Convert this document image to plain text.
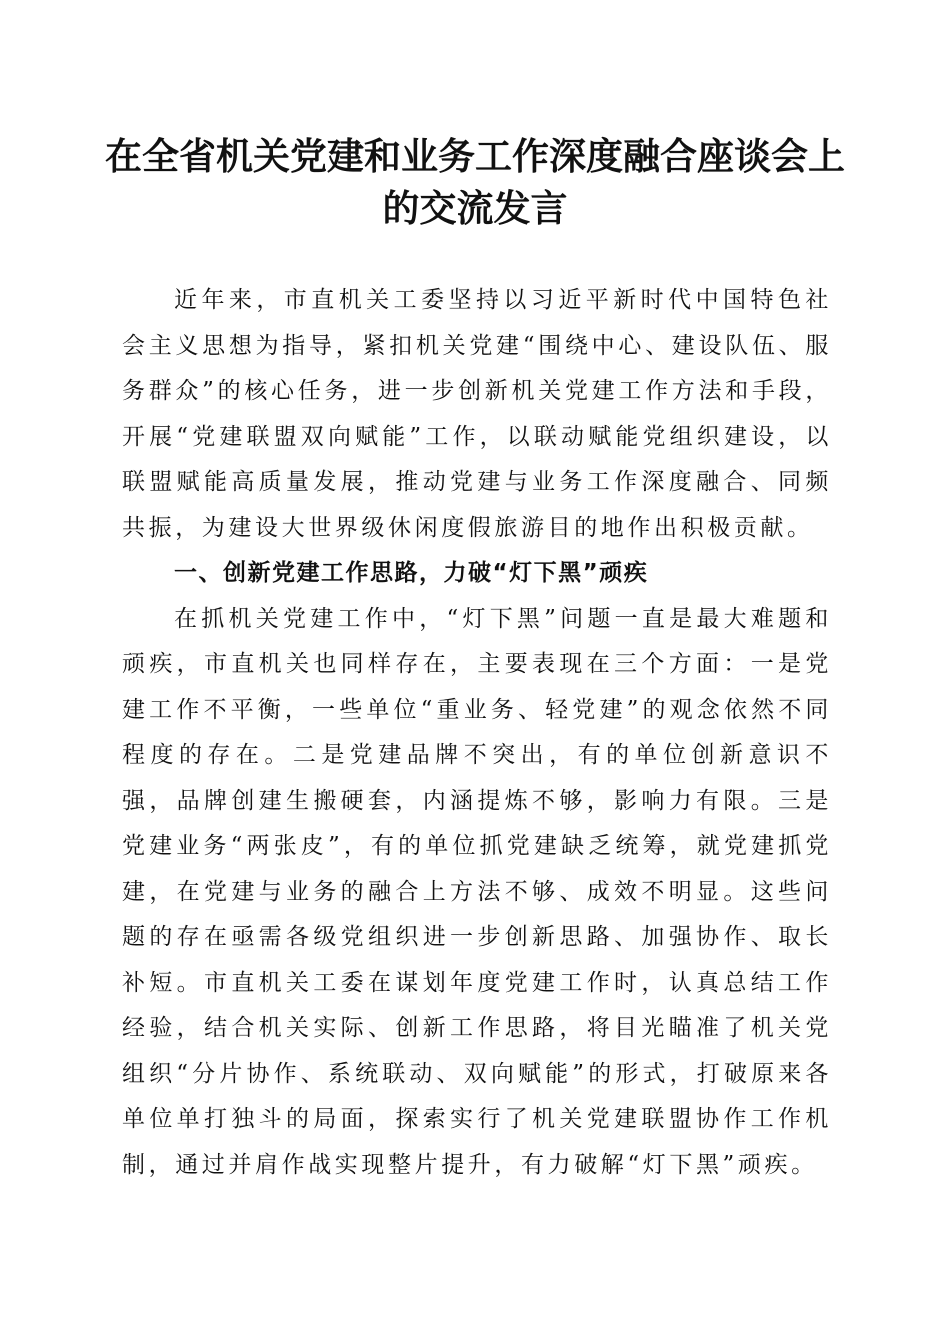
在全省机关党建和业务工作深度融合座谈会上
的交流发言

近年来，市直机关工委坚持以习近平新时代中国特色社会主义思想为指导，紧扣机关党建“围绕中心、建设队伍、服务群众”的核心任务，进一步创新机关党建工作方法和手段，开展“党建联盟双向赋能”工作，以联动赋能党组织建设，以联盟赋能高质量发展，推动党建与业务工作深度融合、同频共振，为建设大世界级休闲度假旅游目的地作出积极贡献。

一、创新党建工作思路，力破“灯下黑”顽疾

在抓机关党建工作中，“灯下黑”问题一直是最大难题和顽疾，市直机关也同样存在，主要表现在三个方面：一是党建工作不平衡，一些单位“重业务、轻党建”的观念依然不同程度的存在。二是党建品牌不突出，有的单位创新意识不强，品牌创建生搬硬套，内涵提炼不够，影响力有限。三是党建业务“两张皮”，有的单位抓党建缺乏统筹，就党建抓党建，在党建与业务的融合上方法不够、成效不明显。这些问题的存在亟需各级党组织进一步创新思路、加强协作、取长补短。市直机关工委在谋划年度党建工作时，认真总结工作经验，结合机关实际、创新工作思路，将目光瞄准了机关党组织“分片协作、系统联动、双向赋能”的形式，打破原来各单位单打独斗的局面，探索实行了机关党建联盟协作工作机制，通过并肩作战实现整片提升，有力破解“灯下黑”顽疾。
